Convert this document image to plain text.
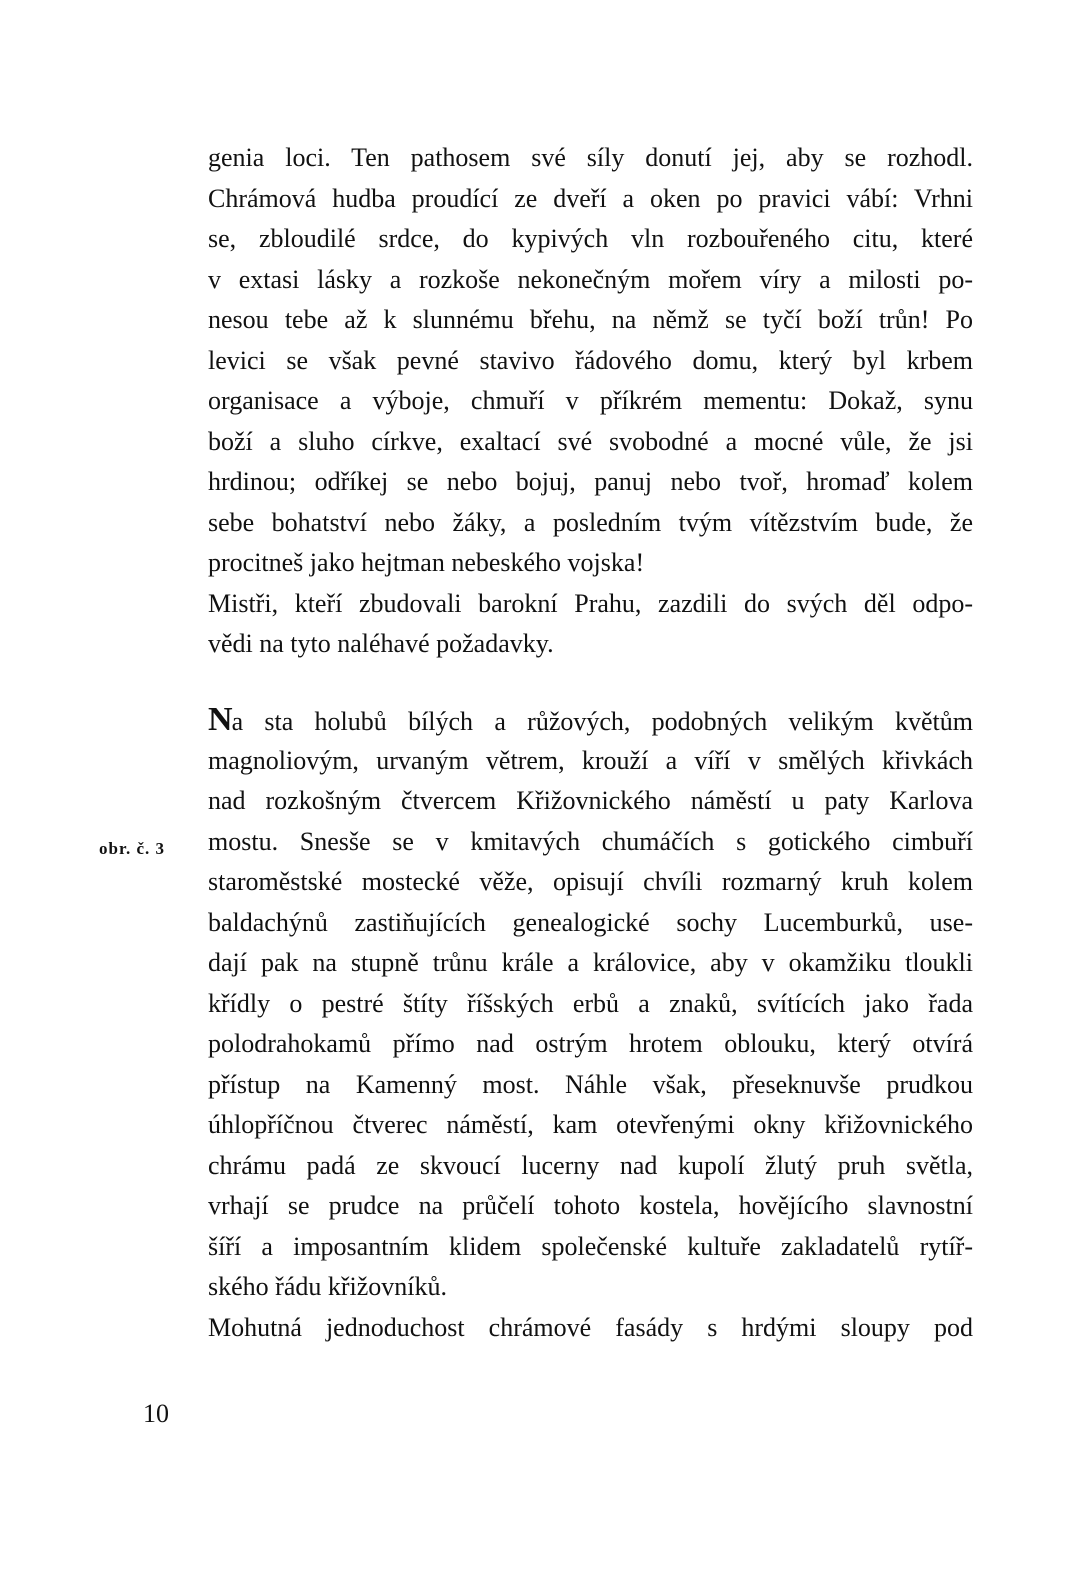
genia loci. Ten pathosem své síly donutí jej, aby se rozhodl.
Chrámová hudba proudící ze dveří a oken po pravici vábí: Vrhni
se, zbloudilé srdce, do kypivých vln rozbouřeného citu, které
v extasi lásky a rozkoše nekonečným mořem víry a milosti po-
nesou tebe až k slunnému břehu, na němž se tyčí boží trůn! Po
levici se však pevné stavivo řádového domu, který byl krbem
organisace a výboje, chmuří v příkrém mementu: Dokaž, synu
boží a sluho církve, exaltací své svobodné a mocné vůle, že jsi
hrdinou; odříkej se nebo bojuj, panuj nebo tvoř, hromaď kolem
sebe bohatství nebo žáky, a posledním tvým vítězstvím bude, že
procitneš jako hejtman nebeského vojska!
Mistři, kteří zbudovali barokní Prahu, zazdili do svých děl odpo-
vědi na tyto naléhavé požadavky.
Na sta holubů bílých a růžových, podobných velikým květům
magnoliovým, urvaným větrem, krouží a víří v smělých křivkách
nad rozkošným čtvercem Křižovnického náměstí u paty Karlova
mostu. Snesše se v kmitavých chumáčích s gotického cimbuří
staroměstské mostecké věže, opisují chvíli rozmarný kruh kolem
baldachýnů zastiňujících genealogické sochy Lucemburků, use-
dají pak na stupně trůnu krále a královice, aby v okamžiku tloukli
křídly o pestré štíty říšských erbů a znaků, svítících jako řada
polodrahokamů přímo nad ostrým hrotem oblouku, který otvírá
přístup na Kamenný most. Náhle však, přeseknuvše prudkou
úhlopříčnou čtverec náměstí, kam otevřenými okny křižovnického
chrámu padá ze skvoucí lucerny nad kupolí žlutý pruh světla,
vrhají se prudce na průčelí tohoto kostela, hovějícího slavnostní
šíří a imposantním klidem společenské kultuře zakladatelů rytíř-
ského řádu křižovníků.
Mohutná jednoduchost chrámové fasády s hrdými sloupy pod
obr. č. 3
10
